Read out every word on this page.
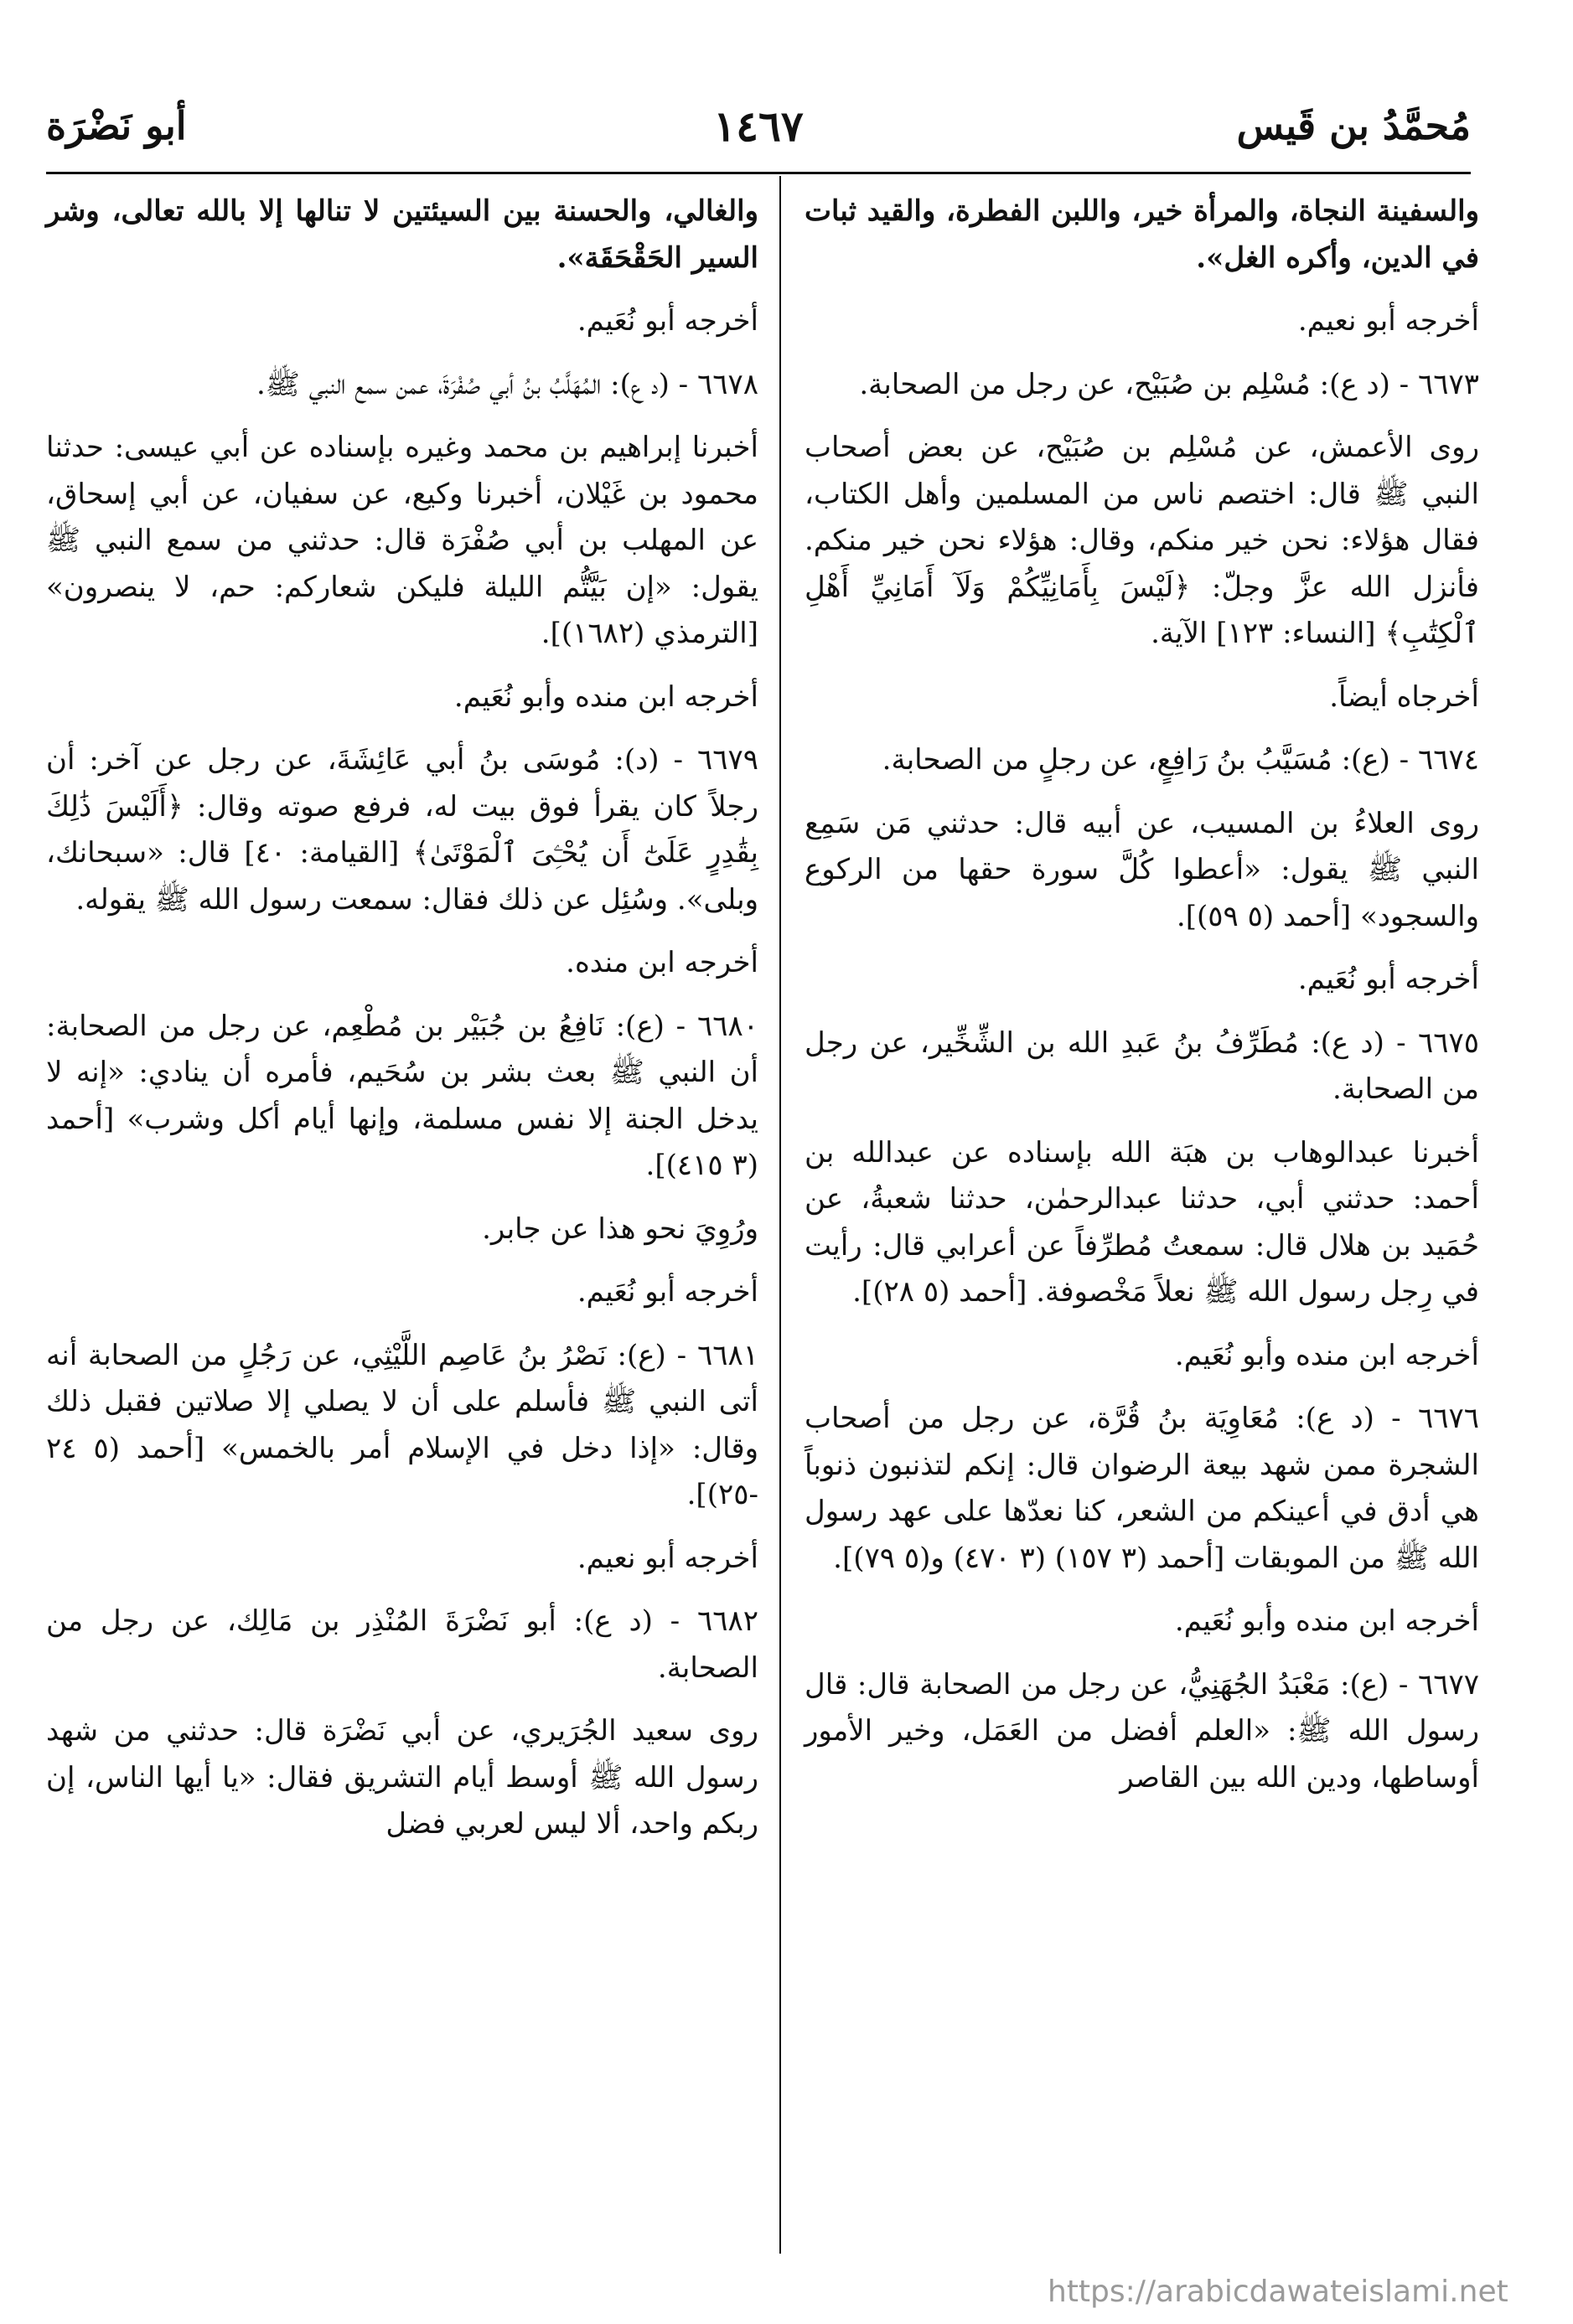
مُحمَّدُ بن قَيس
١٤٦٧
أبو نَضْرَة

والسفينة النجاة، والمرأة خير، واللبن الفطرة، والقيد ثبات في الدين، وأكره الغل».

أخرجه أبو نعيم.

٦٦٧٣ - (د ع): مُسْلِم بن صُبَيْح، عن رجل من الصحابة.

روى الأعمش، عن مُسْلِم بن صُبَيْح، عن بعض أصحاب النبي ﷺ قال: اختصم ناس من المسلمين وأهل الكتاب، فقال هؤلاء: نحن خير منكم، وقال: هؤلاء نحن خير منكم. فأنزل الله عزَّ وجلّ: ﴿لَيْسَ بِأَمَانِيِّكُمْ وَلَآ أَمَانِيِّ أَهْلِ ٱلْكِتَٰبِ﴾ [النساء: ١٢٣] الآية.

أخرجاه أيضاً.

٦٦٧٤ - (ع): مُسَيَّبُ بنُ رَافِعٍ، عن رجلٍ من الصحابة.

روى العلاءُ بن المسيب، عن أبيه قال: حدثني مَن سَمِع النبي ﷺ يقول: «أعطوا كُلَّ سورة حقها من الركوع والسجود» [أحمد (٥ ٥٩)].

أخرجه أبو نُعَيم.

٦٦٧٥ - (د ع): مُطَرِّفُ بنُ عَبدِ الله بن الشِّخِّير، عن رجل من الصحابة.

أخبرنا عبدالوهاب بن هبَة الله بإسناده عن عبدالله بن أحمد: حدثني أبي، حدثنا عبدالرحمٰن، حدثنا شعبةُ، عن حُمَيد بن هلال قال: سمعتُ مُطرِّفاً عن أعرابي قال: رأيت في رِجل رسول الله ﷺ نعلاً مَخْصوفة. [أحمد (٥ ٢٨)].

أخرجه ابن منده وأبو نُعَيم.

٦٦٧٦ - (د ع): مُعَاوِيَة بنُ قُرَّة، عن رجل من أصحاب الشجرة ممن شهد بيعة الرضوان قال: إنكم لتذنبون ذنوباً هي أدق في أعينكم من الشعر، كنا نعدّها على عهد رسول الله ﷺ من الموبقات [أحمد (٣ ١٥٧) (٣ ٤٧٠) و(٥ ٧٩)].

أخرجه ابن منده وأبو نُعَيم.

٦٦٧٧ - (ع): مَعْبَدُ الجُهَنِيُّ، عن رجل من الصحابة قال: قال رسول الله ﷺ: «العلم أفضل من العَمَل، وخير الأمور أوساطها، ودين الله بين القاصر

والغالي، والحسنة بين السيئتين لا تنالها إلا بالله تعالى، وشر السير الحَقْحَقَة».

أخرجه أبو نُعَيم.

٦٦٧٨ - (د ع): المُهَلَّبُ بنُ أبي صُفْرَةَ، عمن سمع النبي ﷺ.

أخبرنا إبراهيم بن محمد وغيره بإسناده عن أبي عيسى: حدثنا محمود بن غَيْلان، أخبرنا وكيع، عن سفيان، عن أبي إسحاق، عن المهلب بن أبي صُفْرَة قال: حدثني من سمع النبي ﷺ يقول: «إن بَيَّتُّم الليلة فليكن شعاركم: حم، لا ينصرون» [الترمذي (١٦٨٢)].

أخرجه ابن منده وأبو نُعَيم.

٦٦٧٩ - (د): مُوسَى بنُ أبي عَائِشَةَ، عن رجل عن آخر: أن رجلاً كان يقرأ فوق بيت له، فرفع صوته وقال: ﴿أَلَيْسَ ذَٰلِكَ بِقَٰدِرٍ عَلَىٰٓ أَن يُحْـِۧىَ ٱلْمَوْتَىٰ﴾ [القيامة: ٤٠] قال: «سبحانك، وبلى». وسُئِل عن ذلك فقال: سمعت رسول الله ﷺ يقوله.

أخرجه ابن منده.

٦٦٨٠ - (ع): نَافِعُ بن جُبَيْر بن مُطْعِم، عن رجل من الصحابة: أن النبي ﷺ بعث بشر بن سُحَيم، فأمره أن ينادي: «إنه لا يدخل الجنة إلا نفس مسلمة، وإنها أيام أكل وشرب» [أحمد (٣ ٤١٥)].

ورُوِيَ نحو هذا عن جابر.

أخرجه أبو نُعَيم.

٦٦٨١ - (ع): نَصْرُ بنُ عَاصِم اللَّيْثِي، عن رَجُلٍ من الصحابة أنه أتى النبي ﷺ فأسلم على أن لا يصلي إلا صلاتين فقبل ذلك وقال: «إذا دخل في الإسلام أمر بالخمس» [أحمد (٥ ٢٤ -٢٥)].

أخرجه أبو نعيم.

٦٦٨٢ - (د ع): أبو نَضْرَةَ المُنْذِر بن مَالِك، عن رجل من الصحابة.

روى سعيد الجُرَيري، عن أبي نَضْرَة قال: حدثني من شهد رسول الله ﷺ أوسط أيام التشريق فقال: «يا أيها الناس، إن ربكم واحد، ألا ليس لعربي فضل

https://arabicdawateislami.net
